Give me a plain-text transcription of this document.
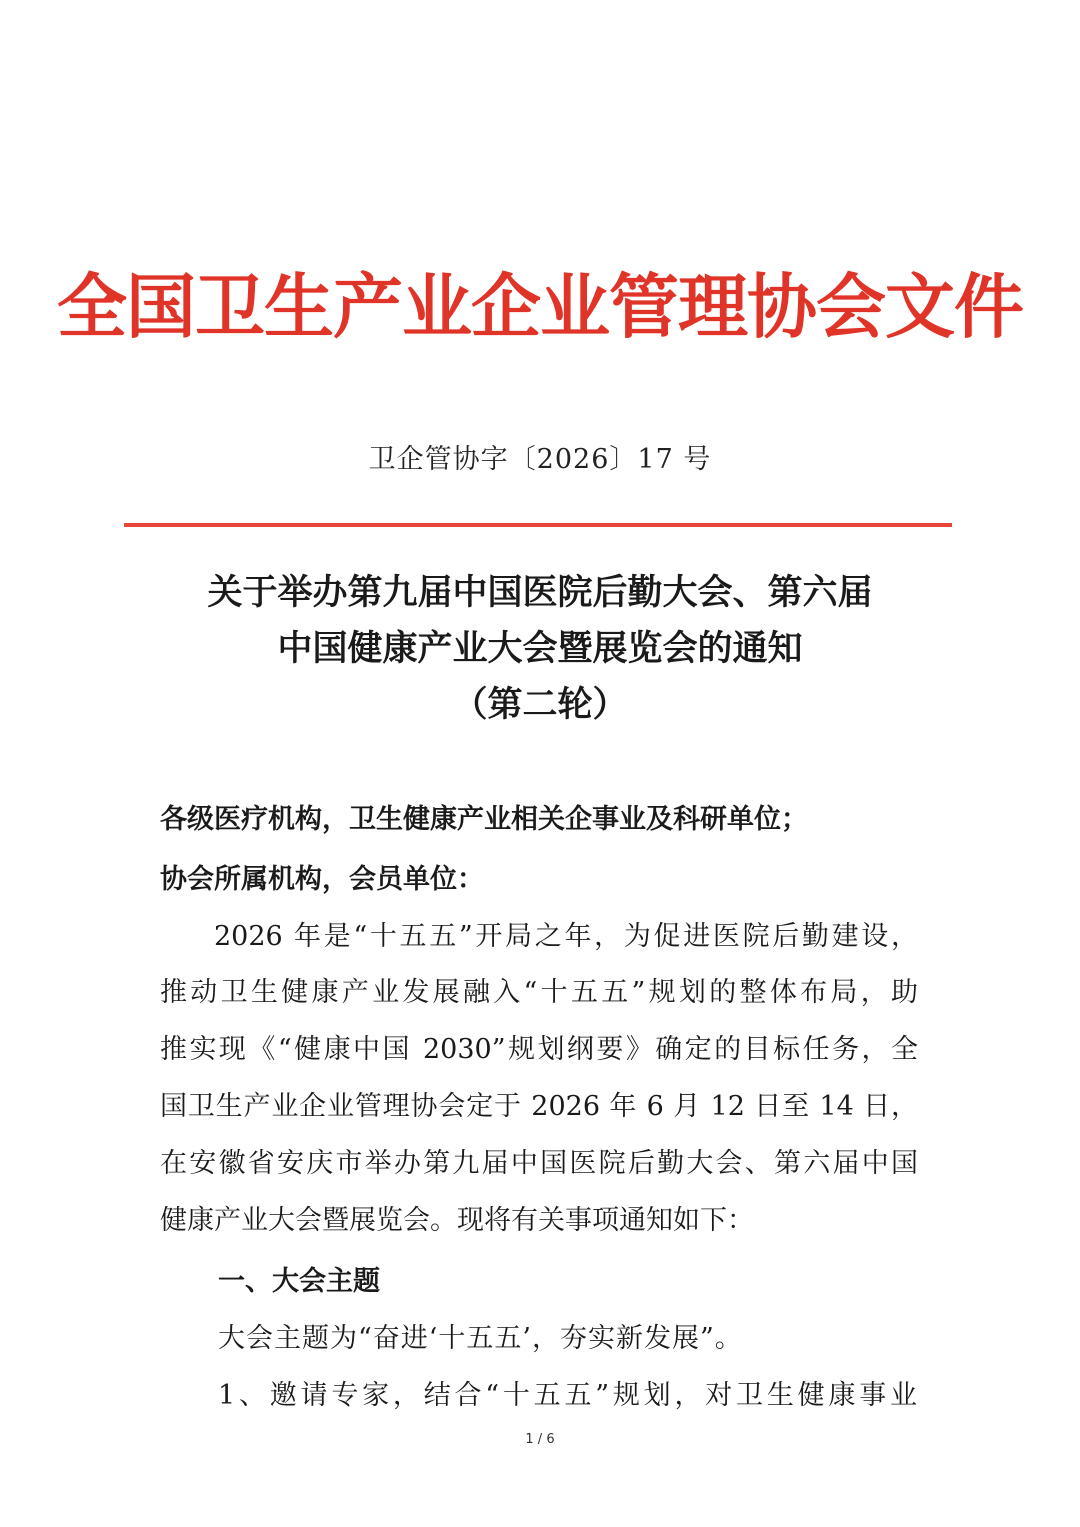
全国卫生产业企业管理协会文件
卫企管协字〔2026〕17 号
关于举办第九届中国医院后勤大会、第六届
中国健康产业大会暨展览会的通知
（第二轮）
各级医疗机构，卫生健康产业相关企事业及科研单位；
协会所属机构，会员单位：
2026 年是“十五五”开局之年，为促进医院后勤建设，
推动卫生健康产业发展融入“十五五”规划的整体布局，助
推实现《“健康中国 2030”规划纲要》确定的目标任务，全
国卫生产业企业管理协会定于 2026 年 6 月 12 日至 14 日，
在安徽省安庆市举办第九届中国医院后勤大会、第六届中国
健康产业大会暨展览会。现将有关事项通知如下：
一、大会主题
大会主题为“奋进‘十五五’，夯实新发展”。
1、邀请专家，结合“十五五”规划，对卫生健康事业
1 / 6
